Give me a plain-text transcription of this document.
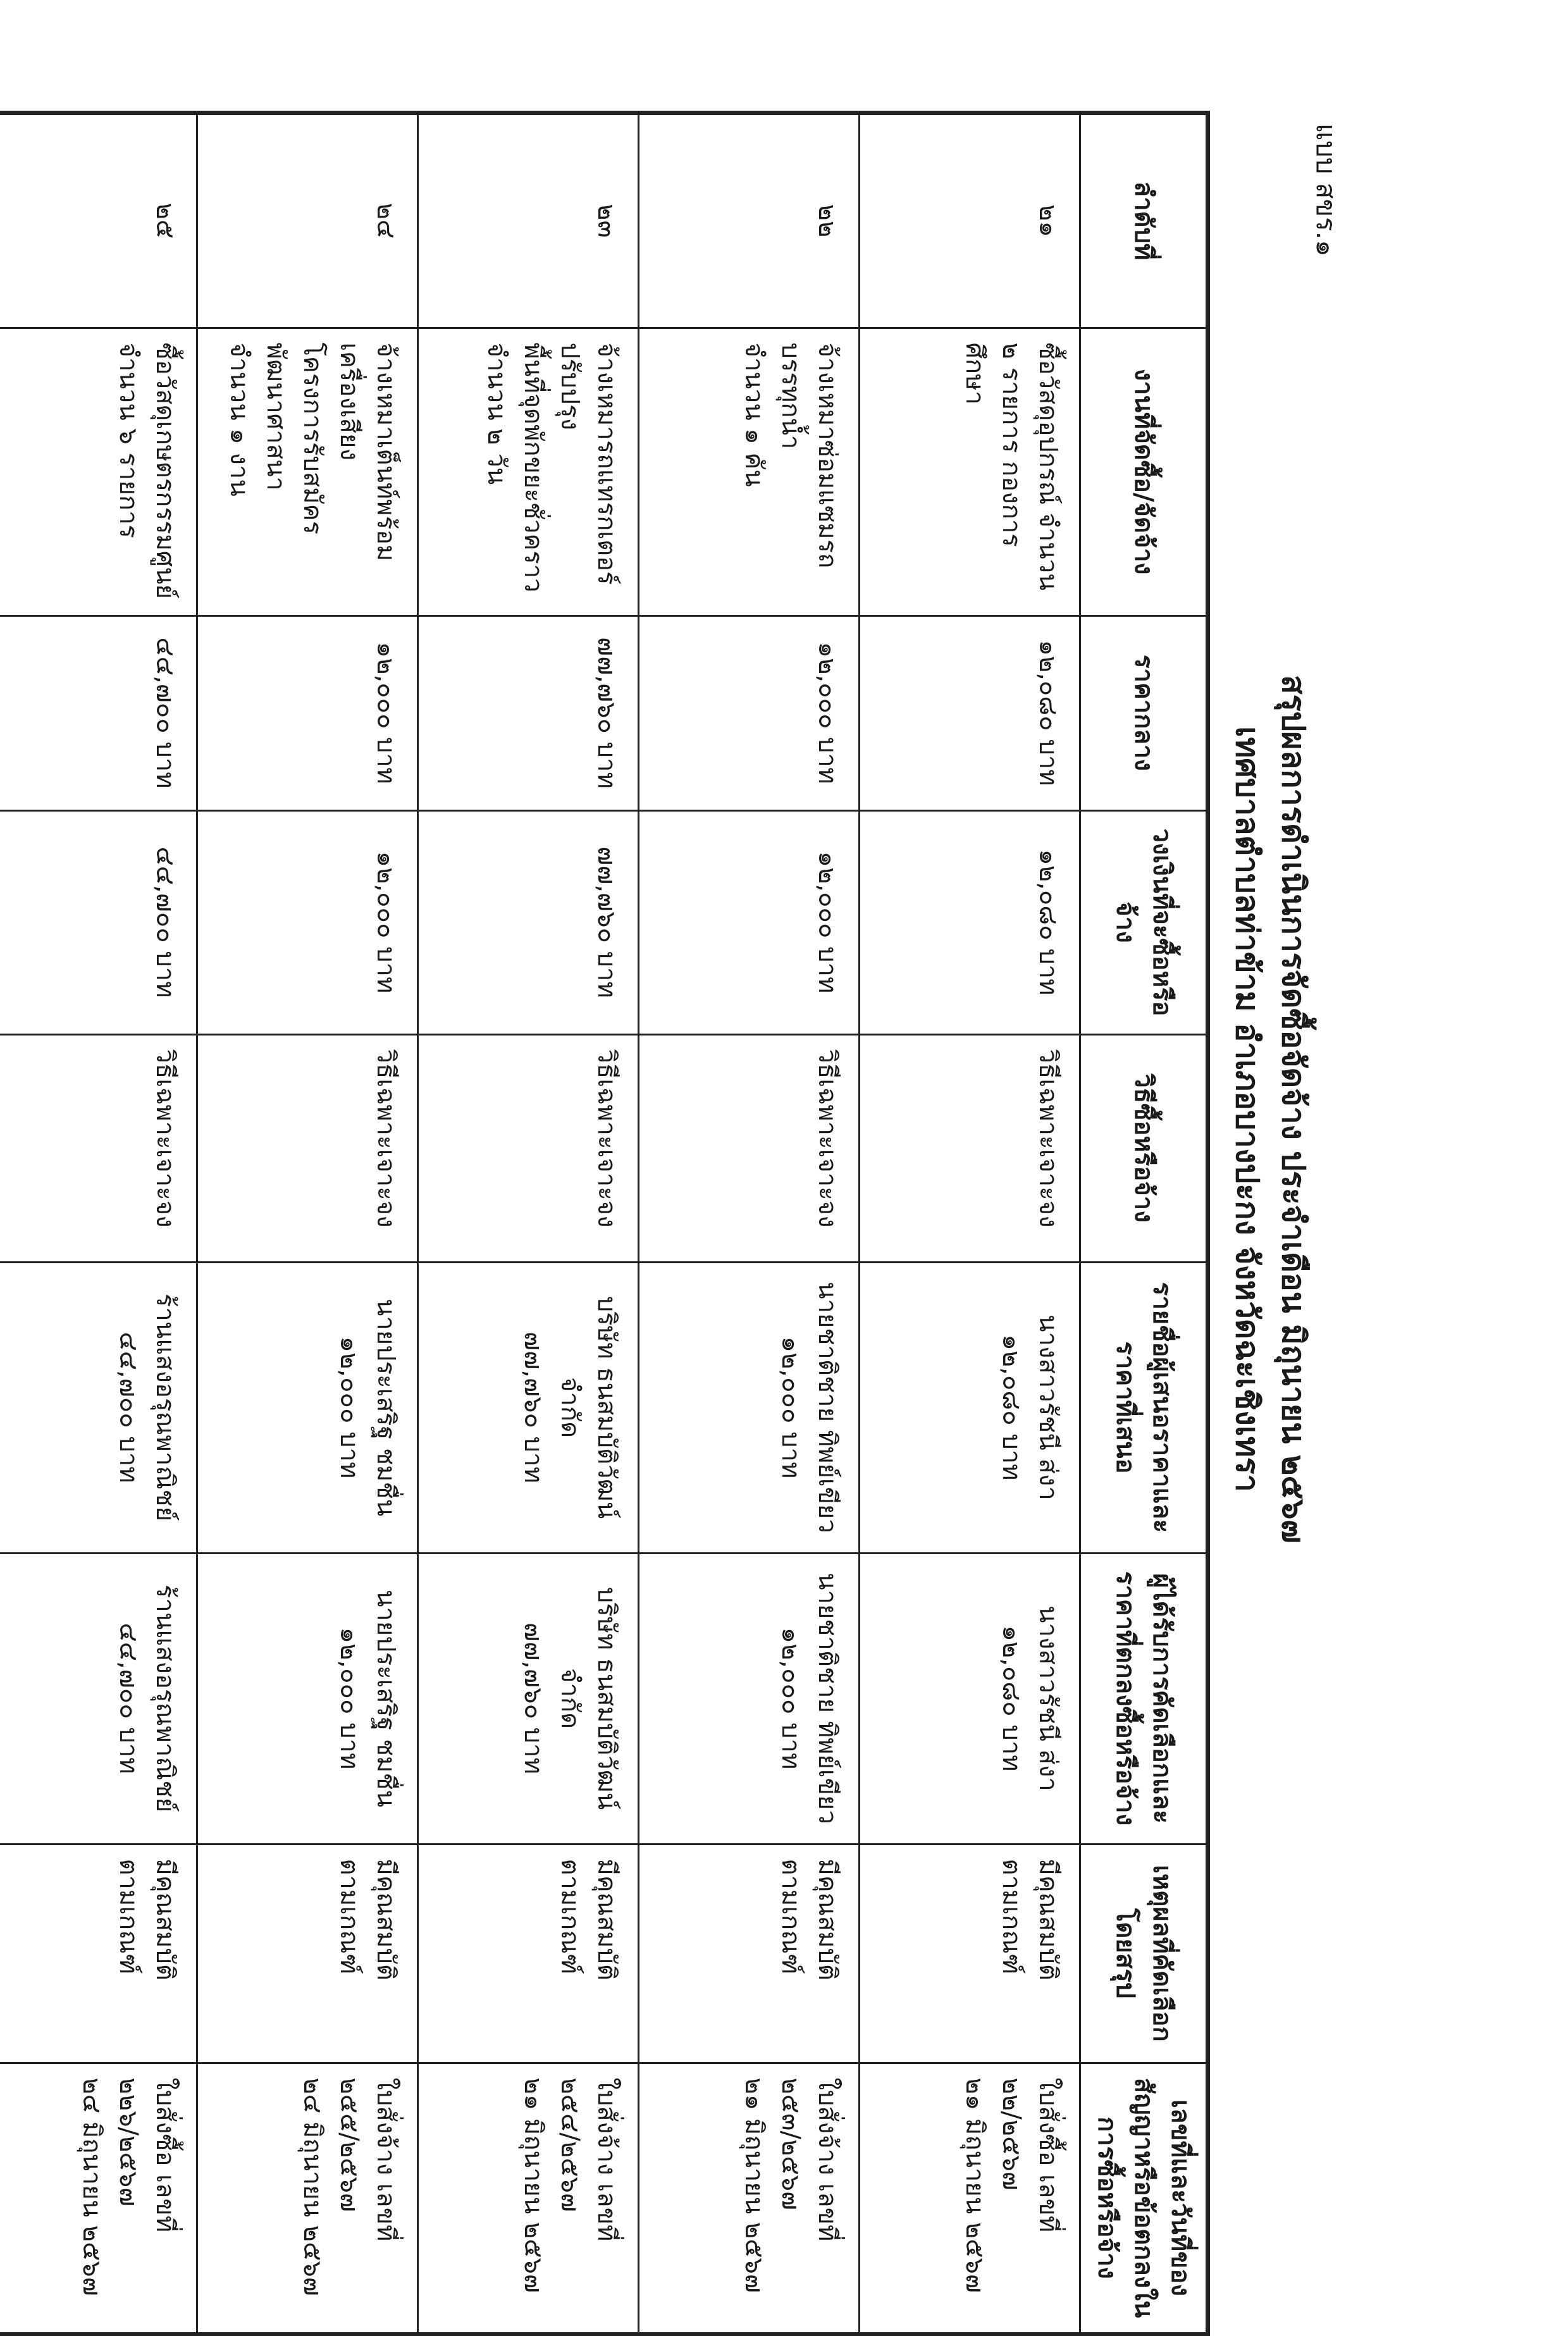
แบบ สขร.๑
สรุปผลการดำเนินการจัดซื้อจัดจ้าง ประจำเดือน มิถุนายน ๒๕๖๗
เทศบาลตำบลท่าข้าม อำเภอบางปะกง จังหวัดฉะเชิงเทรา
ลำดับที่
งานที่จัดซื้อ/จัดจ้าง
ราคากลาง
วงเงินที่จะซื้อหรือจ้าง
วิธีซื้อหรือจ้าง
รายชื่อผู้เสนอราคาและราคาที่เสนอ
ผู้ได้รับการคัดเลือกและราคาที่ตกลงซื้อหรือจ้าง
เหตุผลที่คัดเลือกโดยสรุป
เลขที่และวันที่ของสัญญาหรือข้อตกลงในการซื้อหรือจ้าง
๒๑
ซื้อวัสดุอุปกรณ์ จำนวน
๒ รายการ กองการศึกษา
๑๒,๐๘๐ บาท
๑๒,๐๘๐ บาท
วิธีเฉพาะเจาะจง
นางสาวรัชนี ส่งา
๑๒,๐๘๐ บาท
นางสาวรัชนี ส่งา
๑๒,๐๘๐ บาท
มีคุณสมบัติ
ตามเกณฑ์
ใบสั่งซื้อ เลขที่
๒๒/๒๕๖๗
๒๑ มิถุนายน ๒๕๖๗
๒๒
จ้างเหมาซ่อมแซมรถบรรทุกน้ำ
จำนวน ๑ คัน
๑๒,๐๐๐ บาท
๑๒,๐๐๐ บาท
วิธีเฉพาะเจาะจง
นายชาติชาย ทิพย์เขียว
๑๒,๐๐๐ บาท
นายชาติชาย ทิพย์เขียว
๑๒,๐๐๐ บาท
มีคุณสมบัติ
ตามเกณฑ์
ใบสั่งจ้าง เลขที่
๒๕๓/๒๕๖๗
๒๑ มิถุนายน ๒๕๖๗
๒๓
จ้างเหมารถแทรกเตอร์ปรับปรุง
พื้นที่จุดพักขยะชั่วคราว
จำนวน ๒ วัน
๗๗,๗๖๐ บาท
๗๗,๗๖๐ บาท
วิธีเฉพาะเจาะจง
บริษัท ธนสมบัติวัฒน์ จำกัด
๗๗,๗๖๐ บาท
บริษัท ธนสมบัติวัฒน์ จำกัด
๗๗,๗๖๐ บาท
มีคุณสมบัติ
ตามเกณฑ์
ใบสั่งจ้าง เลขที่
๒๕๔/๒๕๖๗
๒๑ มิถุนายน ๒๕๖๗
๒๔
จ้างเหมาเต็นท์พร้อมเครื่องเสียง
โครงการรับสมัครพัฒนาศาสนา
จำนวน ๑ งาน
๑๒,๐๐๐ บาท
๑๒,๐๐๐ บาท
วิธีเฉพาะเจาะจง
นายประเสริฐ ชมชื่น
๑๒,๐๐๐ บาท
นายประเสริฐ ชมชื่น
๑๒,๐๐๐ บาท
มีคุณสมบัติ
ตามเกณฑ์
ใบสั่งจ้าง เลขที่
๒๕๕/๒๕๖๗
๒๔ มิถุนายน ๒๕๖๗
๒๕
ซื้อวัสดุเกษตรกรรมศูนย์
จำนวน ๖ รายการ
๔๔,๗๐๐ บาท
๔๔,๗๐๐ บาท
วิธีเฉพาะเจาะจง
ร้านแสงอรุณพาณิชย์
๔๔,๗๐๐ บาท
ร้านแสงอรุณพาณิชย์
๔๔,๗๐๐ บาท
มีคุณสมบัติ
ตามเกณฑ์
ใบสั่งซื้อ เลขที่
๒๒๖/๒๕๖๗
๒๔ มิถุนายน ๒๕๖๗
